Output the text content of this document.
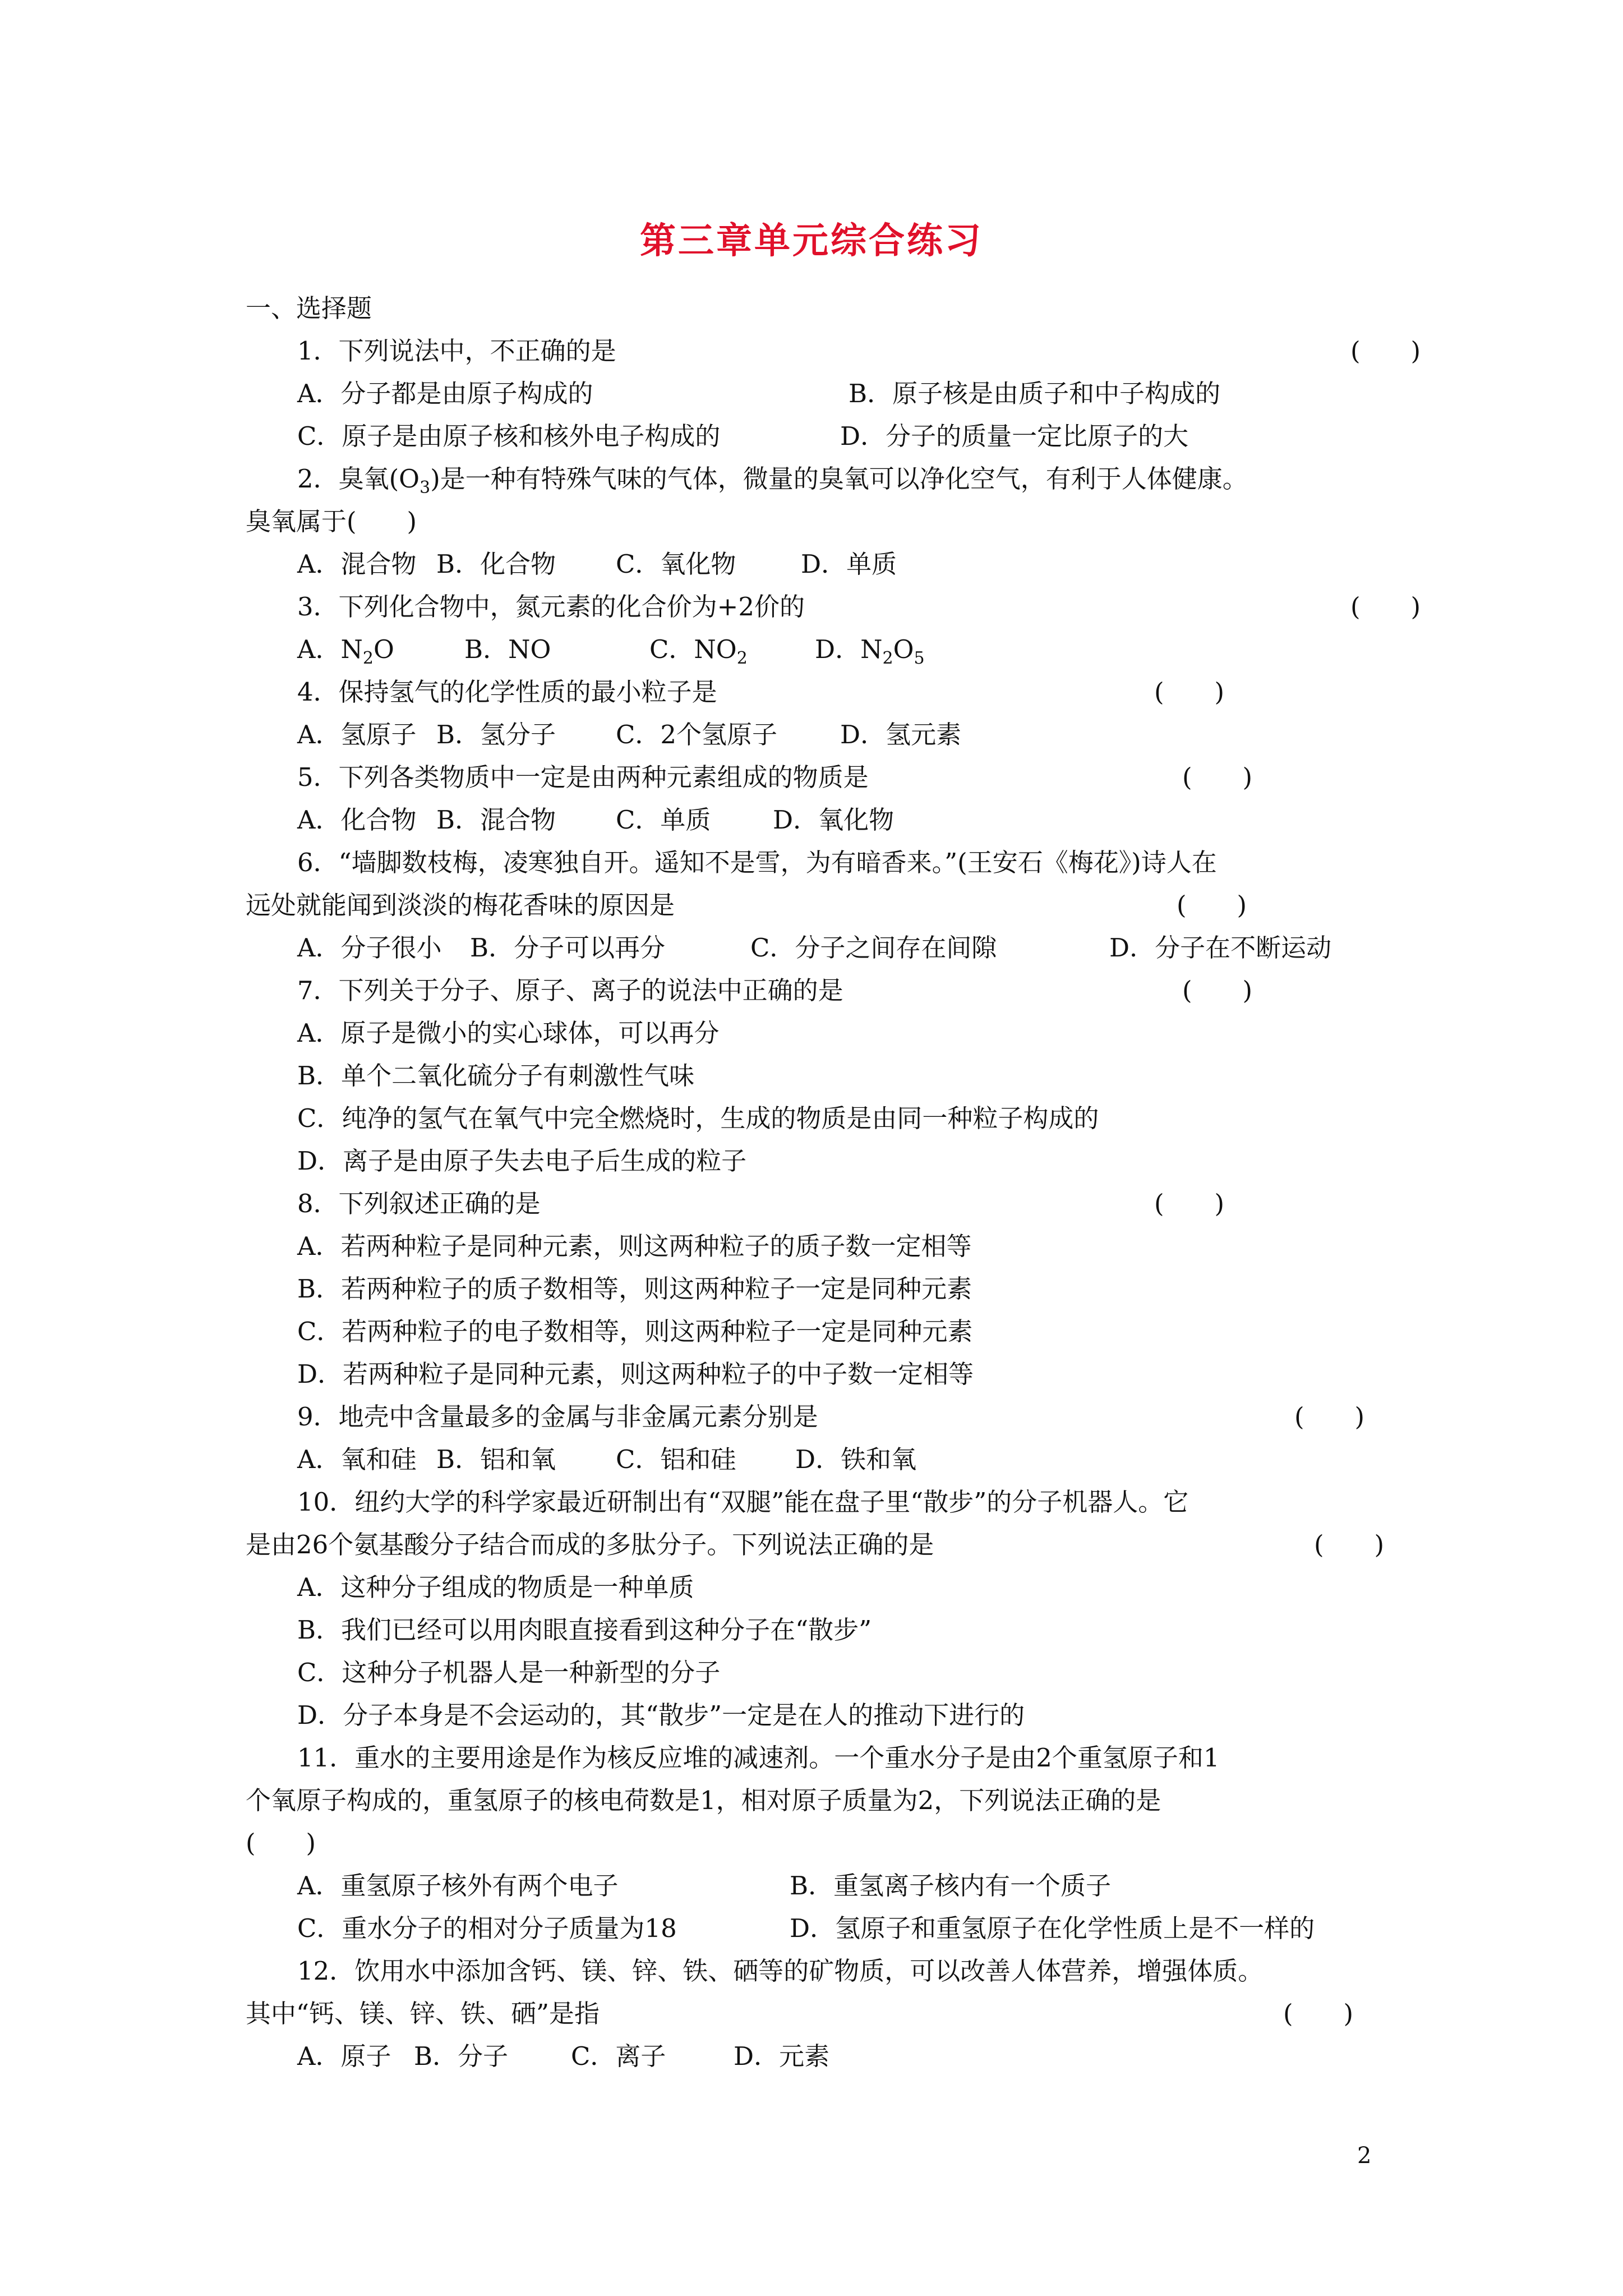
第三章单元综合练习
一、选择题
1．下列说法中，不正确的是	(　　)
A．分子都是由原子构成的	B．原子核是由质子和中子构成的
C．原子是由原子核和核外电子构成的	D．分子的质量一定比原子的大
2．臭氧$(O_3)$是一种有特殊气味的气体，微量的臭氧可以净化空气，有利于人体健康。
臭氧属于(　　)
A．混合物 B．化合物 C．氧化物	D．单质
3．下列化合物中，氮元素的化合价为+2价的	(　　)
A．$N_2O$	B．NO	C．$NO_2$	D．$N_2O_5$
4．保持氢气的化学性质的最小粒子是	(　　)
A．氢原子 B．氢分子 C．2个氢原子 D．氢元素
5．下列各类物质中一定是由两种元素组成的物质是	(　　)
A．化合物 B．混合物 C．单质 D．氧化物
6．“墙脚数枝梅，凌寒独自开。遥知不是雪，为有暗香来。”(王安石《梅花》)诗人在
远处就能闻到淡淡的梅花香味的原因是	(　　)
A．分子很小 B．分子可以再分	C．分子之间存在间隙	D．分子在不断运动
7．下列关于分子、原子、离子的说法中正确的是	(　　)
A．原子是微小的实心球体，可以再分
B．单个二氧化硫分子有刺激性气味
C．纯净的氢气在氧气中完全燃烧时，生成的物质是由同一种粒子构成的
D．离子是由原子失去电子后生成的粒子
8．下列叙述正确的是	(　　)
A．若两种粒子是同种元素，则这两种粒子的质子数一定相等
B．若两种粒子的质子数相等，则这两种粒子一定是同种元素
C．若两种粒子的电子数相等，则这两种粒子一定是同种元素
D．若两种粒子是同种元素，则这两种粒子的中子数一定相等
9．地壳中含量最多的金属与非金属元素分别是	(　　)
A．氧和硅 B．铝和氧 C．铝和硅 D．铁和氧
10．纽约大学的科学家最近研制出有“双腿”能在盘子里“散步”的分子机器人。它
是由26个氨基酸分子结合而成的多肽分子。下列说法正确的是	(　　)
A．这种分子组成的物质是一种单质
B．我们已经可以用肉眼直接看到这种分子在“散步”
C．这种分子机器人是一种新型的分子
D．分子本身是不会运动的，其“散步”一定是在人的推动下进行的
11．重水的主要用途是作为核反应堆的减速剂。一个重水分子是由2个重氢原子和1
个氧原子构成的，重氢原子的核电荷数是1，相对原子质量为2，下列说法正确的是
(　　)
A．重氢原子核外有两个电子	B．重氢离子核内有一个质子
C．重水分子的相对分子质量为18	D．氢原子和重氢原子在化学性质上是不一样的
12．饮用水中添加含钙、镁、锌、铁、硒等的矿物质，可以改善人体营养，增强体质。
其中“钙、镁、锌、铁、硒”是指	(　　)
A．原子 B．分子 C．离子	D．元素
2
